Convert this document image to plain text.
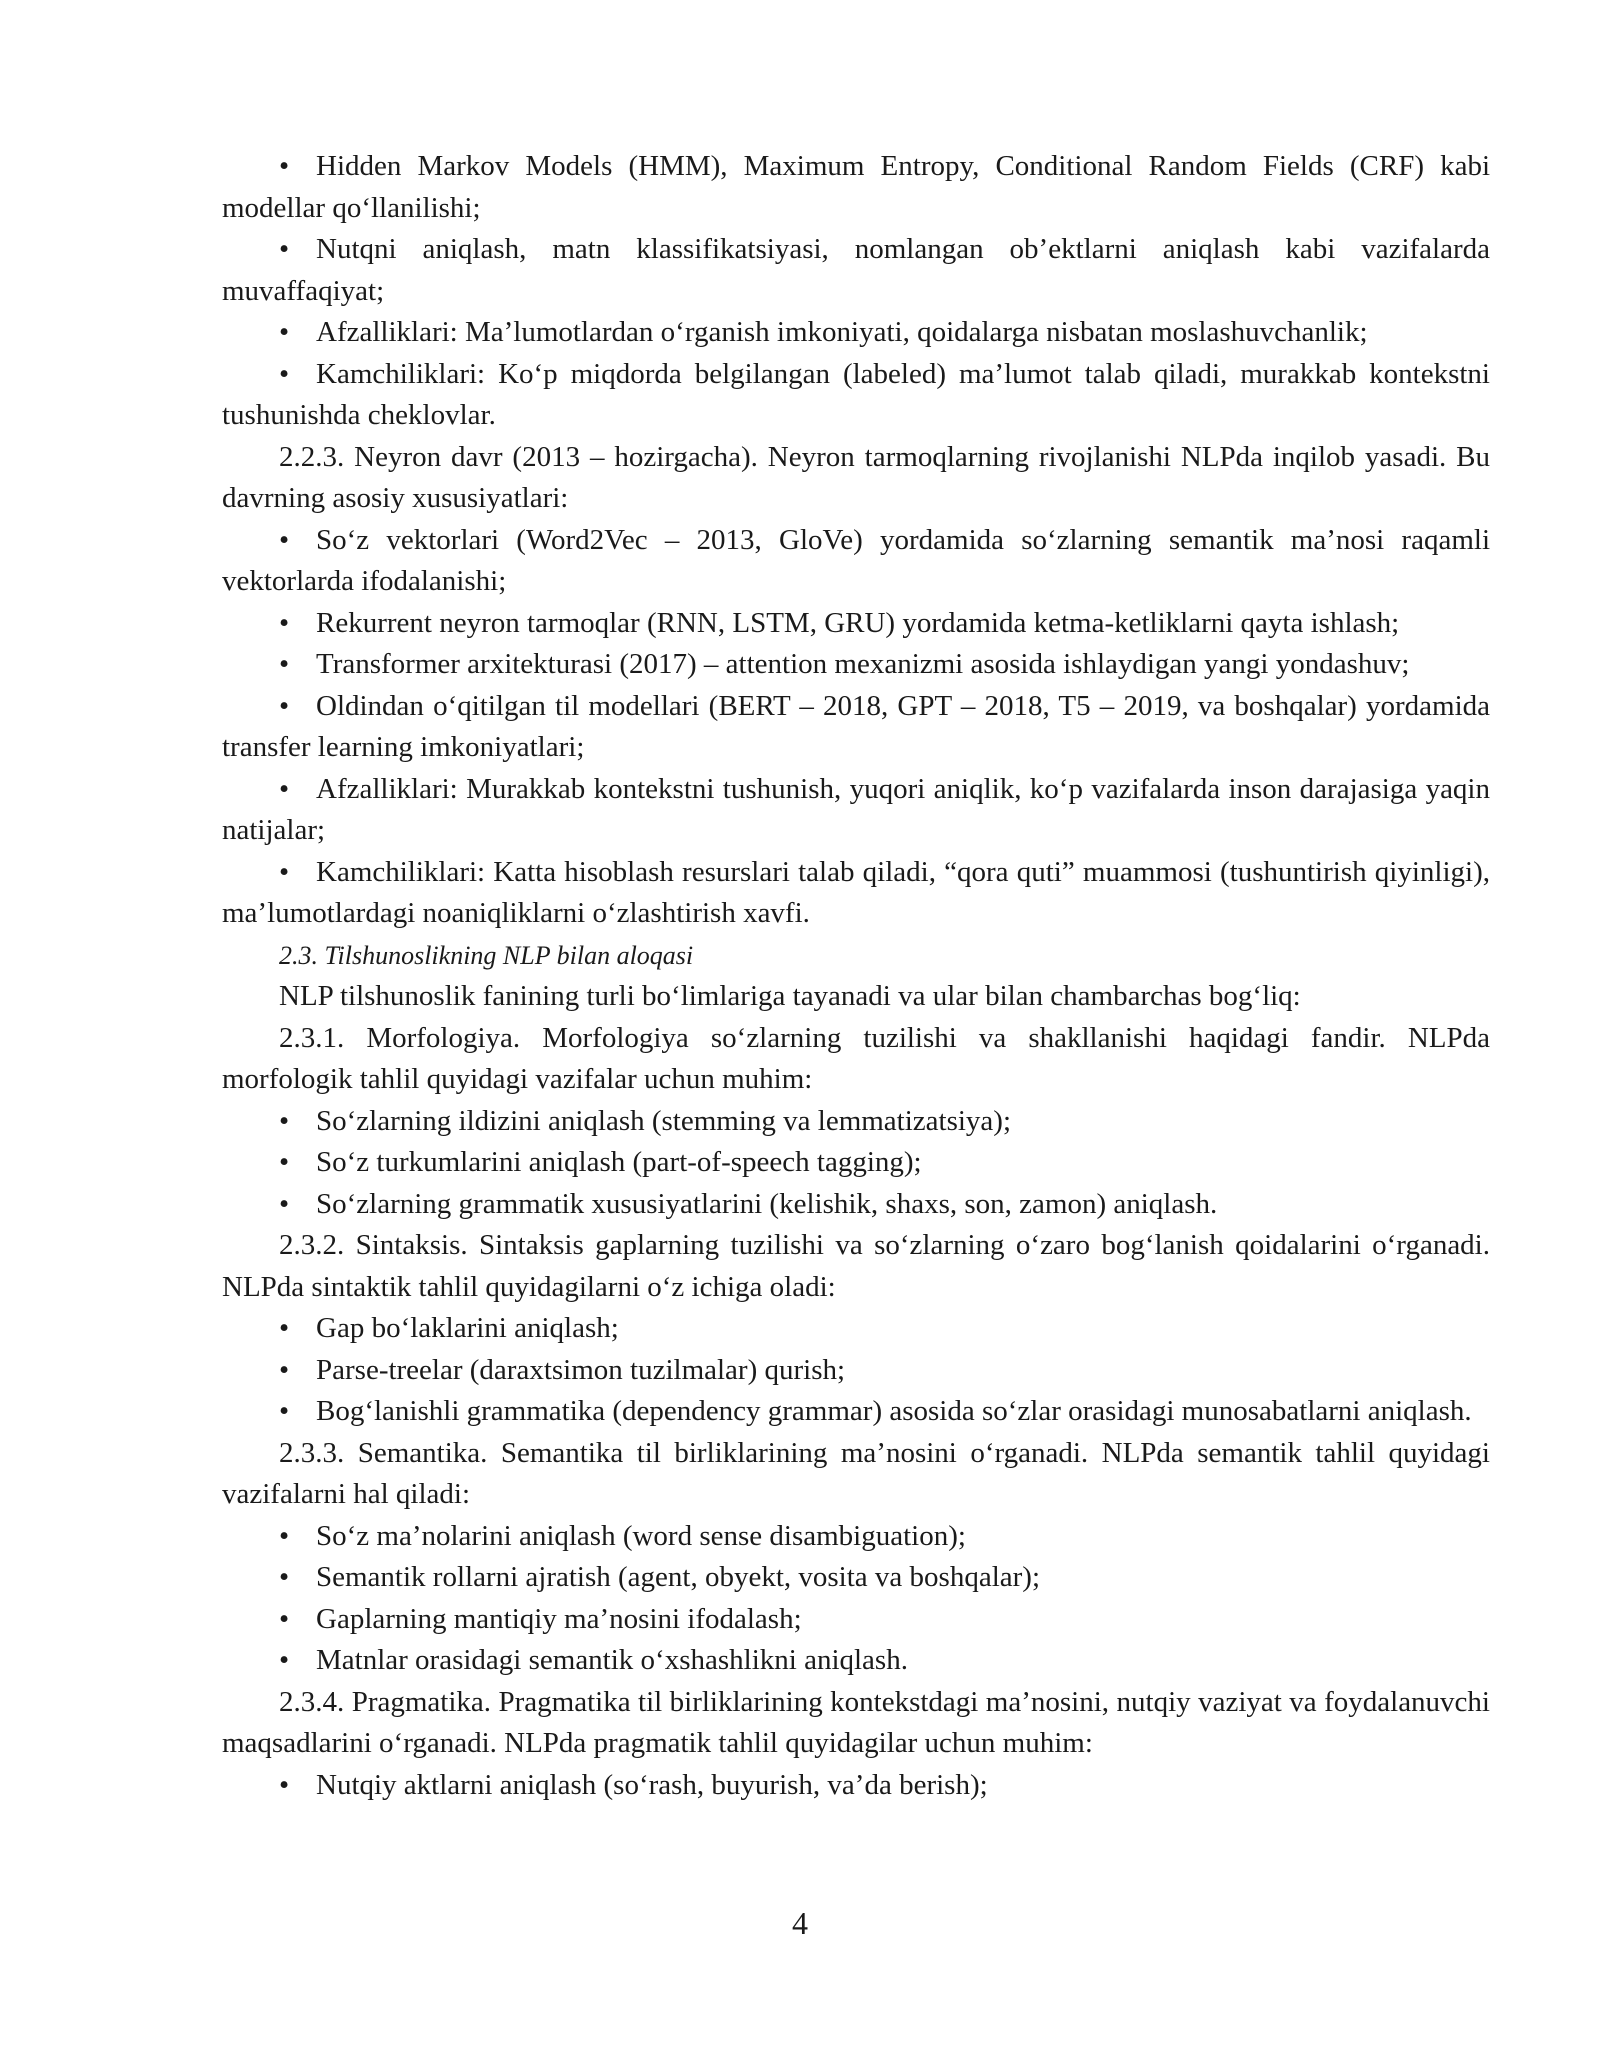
• Hidden Markov Models (HMM), Maximum Entropy, Conditional Random Fields (CRF) kabi modellar qo‘llanilishi;

• Nutqni aniqlash, matn klassifikatsiyasi, nomlangan ob’ektlarni aniqlash kabi vazifalarda muvaffaqiyat;

• Afzalliklari: Ma’lumotlardan o‘rganish imkoniyati, qoidalarga nisbatan moslashuvchanlik;

• Kamchiliklari: Ko‘p miqdorda belgilangan (labeled) ma’lumot talab qiladi, murakkab kontekstni tushunishda cheklovlar.

2.2.3. Neyron davr (2013 – hozirgacha). Neyron tarmoqlarning rivojlanishi NLPda inqilob yasadi. Bu davrning asosiy xususiyatlari:

• So‘z vektorlari (Word2Vec – 2013, GloVe) yordamida so‘zlarning semantik ma’nosi raqamli vektorlarda ifodalanishi;

• Rekurrent neyron tarmoqlar (RNN, LSTM, GRU) yordamida ketma-ketliklarni qayta ishlash;

• Transformer arxitekturasi (2017) – attention mexanizmi asosida ishlaydigan yangi yondashuv;

• Oldindan o‘qitilgan til modellari (BERT – 2018, GPT – 2018, T5 – 2019, va boshqalar) yordamida transfer learning imkoniyatlari;

• Afzalliklari: Murakkab kontekstni tushunish, yuqori aniqlik, ko‘p vazifalarda inson darajasiga yaqin natijalar;

• Kamchiliklari: Katta hisoblash resurslari talab qiladi, “qora quti” muammosi (tushuntirish qiyinligi), ma’lumotlardagi noaniqliklarni o‘zlashtirish xavfi.

2.3. Tilshunoslikning NLP bilan aloqasi

NLP tilshunoslik fanining turli bo‘limlariga tayanadi va ular bilan chambarchas bog‘liq:

2.3.1. Morfologiya. Morfologiya so‘zlarning tuzilishi va shakllanishi haqidagi fandir. NLPda morfologik tahlil quyidagi vazifalar uchun muhim:

• So‘zlarning ildizini aniqlash (stemming va lemmatizatsiya);

• So‘z turkumlarini aniqlash (part-of-speech tagging);

• So‘zlarning grammatik xususiyatlarini (kelishik, shaxs, son, zamon) aniqlash.

2.3.2. Sintaksis. Sintaksis gaplarning tuzilishi va so‘zlarning o‘zaro bog‘lanish qoidalarini o‘rganadi. NLPda sintaktik tahlil quyidagilarni o‘z ichiga oladi:

• Gap bo‘laklarini aniqlash;

• Parse-treelar (daraxtsimon tuzilmalar) qurish;

• Bog‘lanishli grammatika (dependency grammar) asosida so‘zlar orasidagi munosabatlarni aniqlash.

2.3.3. Semantika. Semantika til birliklarining ma’nosini o‘rganadi. NLPda semantik tahlil quyidagi vazifalarni hal qiladi:

• So‘z ma’nolarini aniqlash (word sense disambiguation);

• Semantik rollarni ajratish (agent, obyekt, vosita va boshqalar);

• Gaplarning mantiqiy ma’nosini ifodalash;

• Matnlar orasidagi semantik o‘xshashlikni aniqlash.

2.3.4. Pragmatika. Pragmatika til birliklarining kontekstdagi ma’nosini, nutqiy vaziyat va foydalanuvchi maqsadlarini o‘rganadi. NLPda pragmatik tahlil quyidagilar uchun muhim:

• Nutqiy aktlarni aniqlash (so‘rash, buyurish, va’da berish);

4
